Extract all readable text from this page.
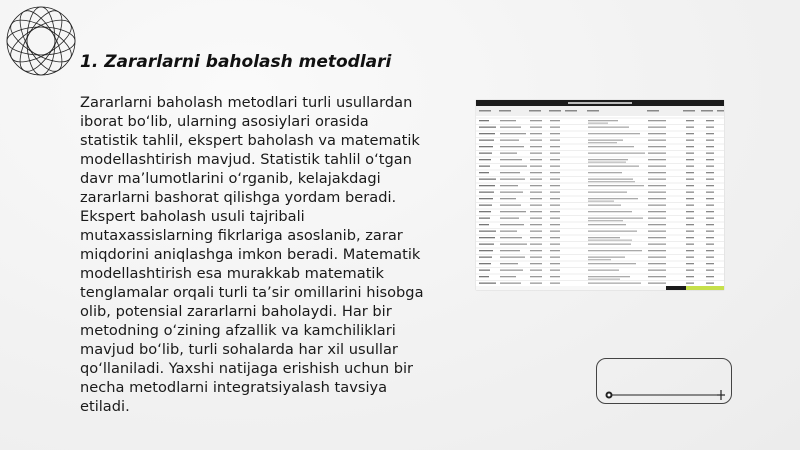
1. Zararlarni baholash metodlari

Zararlarni baholash metodlari turli usullardan iborat bo‘lib, ularning asosiylari orasida statistik tahlil, ekspert baholash va matematik modellashtirish mavjud. Statistik tahlil o‘tgan davr ma’lumotlarini o‘rganib, kelajakdagi zararlarni bashorat qilishga yordam beradi. Ekspert baholash usuli tajribali mutaxassislarning fikrlariga asoslanib, zarar miqdorini aniqlashga imkon beradi. Matematik modellashtirish esa murakkab matematik tenglamalar orqali turli ta’sir omillarini hisobga olib, potensial zararlarni baholaydi. Har bir metodning o‘zining afzallik va kamchiliklari mavjud bo‘lib, turli sohalarda har xil usullar qo‘llaniladi. Yaxshi natijaga erishish uchun bir necha metodlarni integratsiyalash tavsiya etiladi.
